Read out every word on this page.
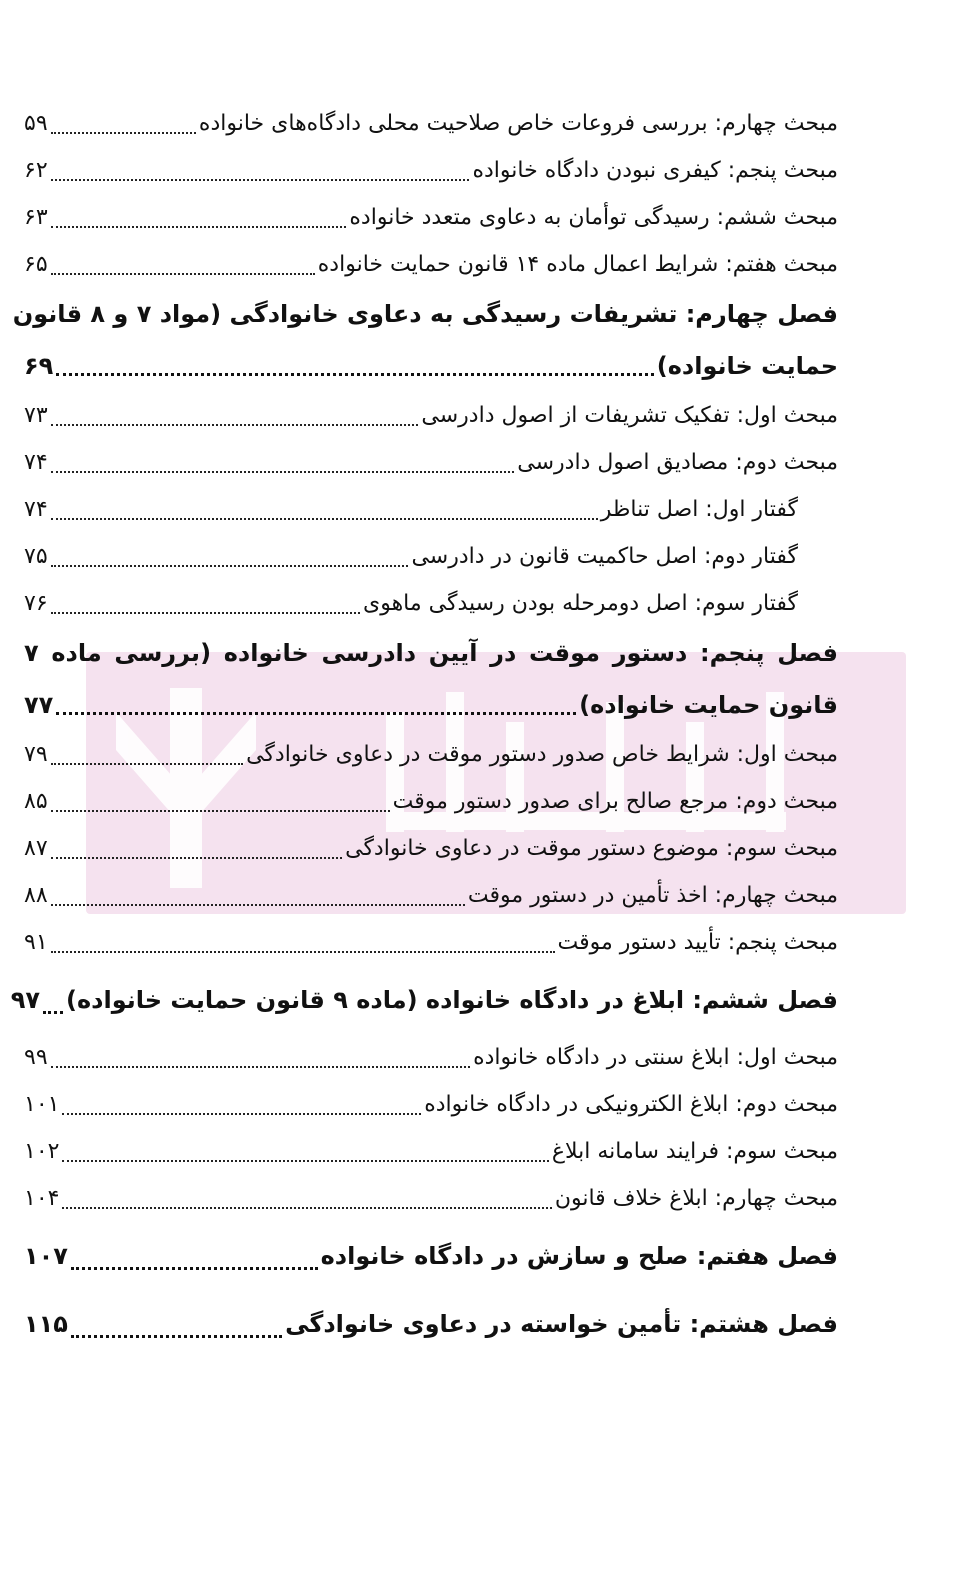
مبحث چهارم: بررسی فروعات خاص صلاحیت محلی دادگاه‌های خانواده
۵۹
مبحث پنجم: کیفری نبودن دادگاه خانواده
۶۲
مبحث ششم: رسیدگی توأمان به دعاوی متعدد خانواده
۶۳
مبحث هفتم: شرایط اعمال ماده ۱۴ قانون حمایت خانواده
۶۵
فصل چهارم: تشریفات رسیدگی به دعاوی خانوادگی (مواد ۷ و ۸ قانون
حمایت خانواده)
۶۹
مبحث اول: تفکیک تشریفات از اصول دادرسی
۷۳
مبحث دوم: مصادیق اصول دادرسی
۷۴
گفتار اول: اصل تناظر
۷۴
گفتار دوم: اصل حاکمیت قانون در دادرسی
۷۵
گفتار سوم: اصل دومرحله بودن رسیدگی ماهوی
۷۶
فصل پنجم: دستور موقت در آیین دادرسی خانواده (بررسی ماده ۷
قانون حمایت خانواده)
۷۷
مبحث اول: شرایط خاص صدور دستور موقت در دعاوی خانوادگی
۷۹
مبحث دوم: مرجع صالح برای صدور دستور موقت
۸۵
مبحث سوم: موضوع دستور موقت در دعاوی خانوادگی
۸۷
مبحث چهارم: اخذ تأمین در دستور موقت
۸۸
مبحث پنجم: تأیید دستور موقت
۹۱
فصل ششم: ابلاغ در دادگاه خانواده (ماده ۹ قانون حمایت خانواده)
۹۷
مبحث اول: ابلاغ سنتی در دادگاه خانواده
۹۹
مبحث دوم: ابلاغ الکترونیکی در دادگاه خانواده
۱۰۱
مبحث سوم: فرایند سامانه ابلاغ
۱۰۲
مبحث چهارم: ابلاغ خلاف قانون
۱۰۴
فصل هفتم: صلح و سازش در دادگاه خانواده
۱۰۷
فصل هشتم: تأمین خواسته در دعاوی خانوادگی
۱۱۵
